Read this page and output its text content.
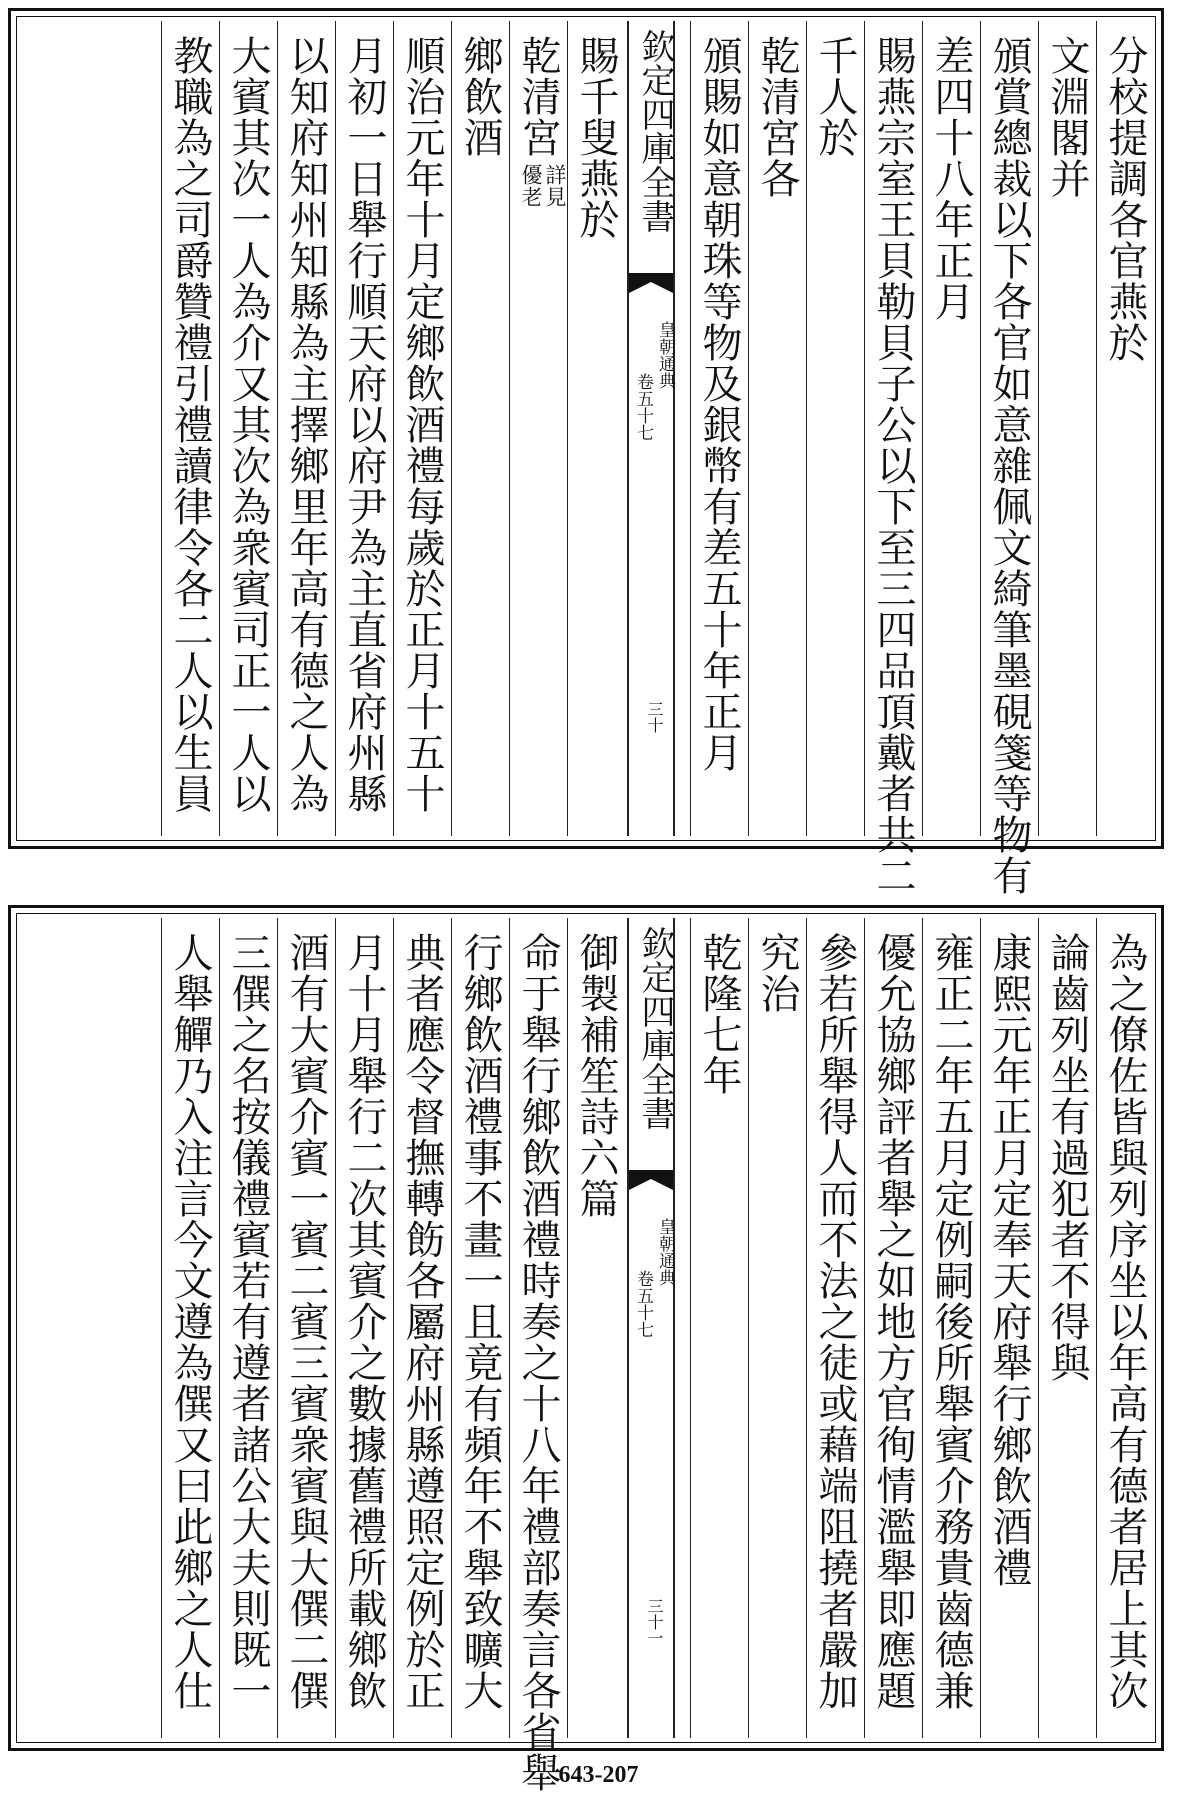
分校提調各官燕於
文淵閣并
頒賞總裁以下各官如意雜佩文綺筆墨硯箋等物有
差四十八年正月
賜燕宗室王貝勒貝子公以下至三四品頂戴者共二
千人於
乾清宮各
頒賜如意朝珠等物及銀幣有差五十年正月
欽定四庫全書
皇朝通典
卷五十七
三十
賜千叟燕於
乾清宮詳見
優老
鄉飲酒
順治元年十月定鄉飲酒禮每歲於正月十五十
月初一日舉行順天府以府尹為主直省府州縣
以知府知州知縣為主擇鄉里年高有德之人為
大賓其次一人為介又其次為衆賓司正一人以
教職為之司爵贊禮引禮讀律令各二人以生員
為之僚佐皆與列序坐以年高有德者居上其次
論齒列坐有過犯者不得與
康熙元年正月定奉天府舉行鄉飲酒禮
雍正二年五月定例嗣後所舉賓介務貴齒德兼
優允協鄉評者舉之如地方官徇情濫舉即應題
參若所舉得人而不法之徒或藉端阻撓者嚴加
究治
乾隆七年
欽定四庫全書
皇朝通典
卷五十七
三十一
御製補笙詩六篇
命于舉行鄉飲酒禮時奏之十八年禮部奏言各省舉
行鄉飲酒禮事不畫一且竟有頻年不舉致曠大
典者應令督撫轉飭各屬府州縣遵照定例於正
月十月舉行二次其賓介之數據舊禮所載鄉飲
酒有大賓介賓一賓二賓三賓衆賓與大僎二僎
三僎之名按儀禮賓若有遵者諸公大夫則既一
人舉觶乃入注言今文遵為僎又曰此鄉之人仕
643-207
